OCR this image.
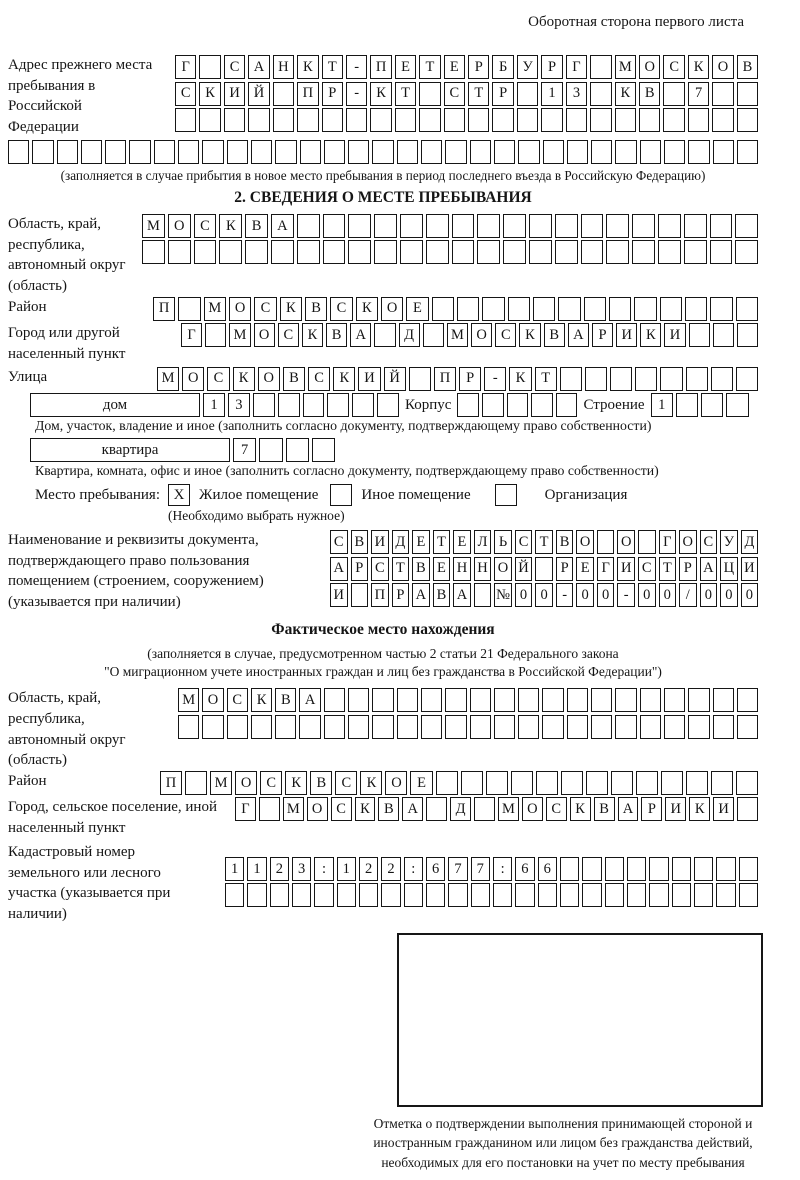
Оборотная сторона первого листа
Адрес прежнего места пребывания в Российской Федерации
Г	С А Н К	Т	-	П	Е	Т	Е	Р	Б	У	Р	Г	М О С	К О В
С	К И Й	П	Р	-	К	Т	С	Т	Р	1	3	К	В	7
(заполняется в случае прибытия в новое место пребывания в период последнего въезда в Российскую Федерацию)
2. СВЕДЕНИЯ О МЕСТЕ ПРЕБЫВАНИЯ
Область, край, республика, автономный округ (область)
М О	С	К	В	А
Район	П	М О	С	К	В	С	К	О	Е
Город или другой населенный пункт
Г	М О С	К	В А	Д	М О С	К	В А	Р	И К И
Улица	М О	С	К	О	В	С	К	И	Й	П	Р	-	К	Т
дом	1	3	Корпус	Строение 1
Дом, участок, владение и иное (заполнить согласно документу, подтверждающему право собственности)
квартира	7
Квартира, комната, офис и иное (заполнить согласно документу, подтверждающему право собственности)
Место пребывания: X Жилое помещение	Иное помещение	Организация
(Необходимо выбрать нужное)
Наименование и реквизиты документа, подтверждающего право пользования помещением (строением, сооружением) (указывается при наличии)
С В И Д Е Т Е Л Ь С Т В О О	Г О С У Д
А Р С Т В Е Н Н О Й	Р Е Г И С Т Р А Ц И
И П Р А В А № 0 0 - 0 0 - 0 0	/	0 0 0
Фактическое место нахождения
(заполняется в случае, предусмотренном частью 2 статьи 21 Федерального закона
"О миграционном учете иностранных граждан и лиц без гражданства в Российской Федерации")
Область, край, республика, автономный округ (область)
М О С	К	В А
Район	П	М О	С	К	В	С	К	О	Е
Город, сельское поселение, иной населенный пункт
Г	М О С К В А	Д	М О С К В А	Р	И К И
Кадастровый номер земельного или лесного участка (указывается при наличии)
1	1	2	3	:	1	2	2	:	6	7	7	:	6	6
Отметка о подтверждении выполнения принимающей стороной и иностранным гражданином или лицом без гражданства действий, необходимых для его постановки на учет по месту пребывания
